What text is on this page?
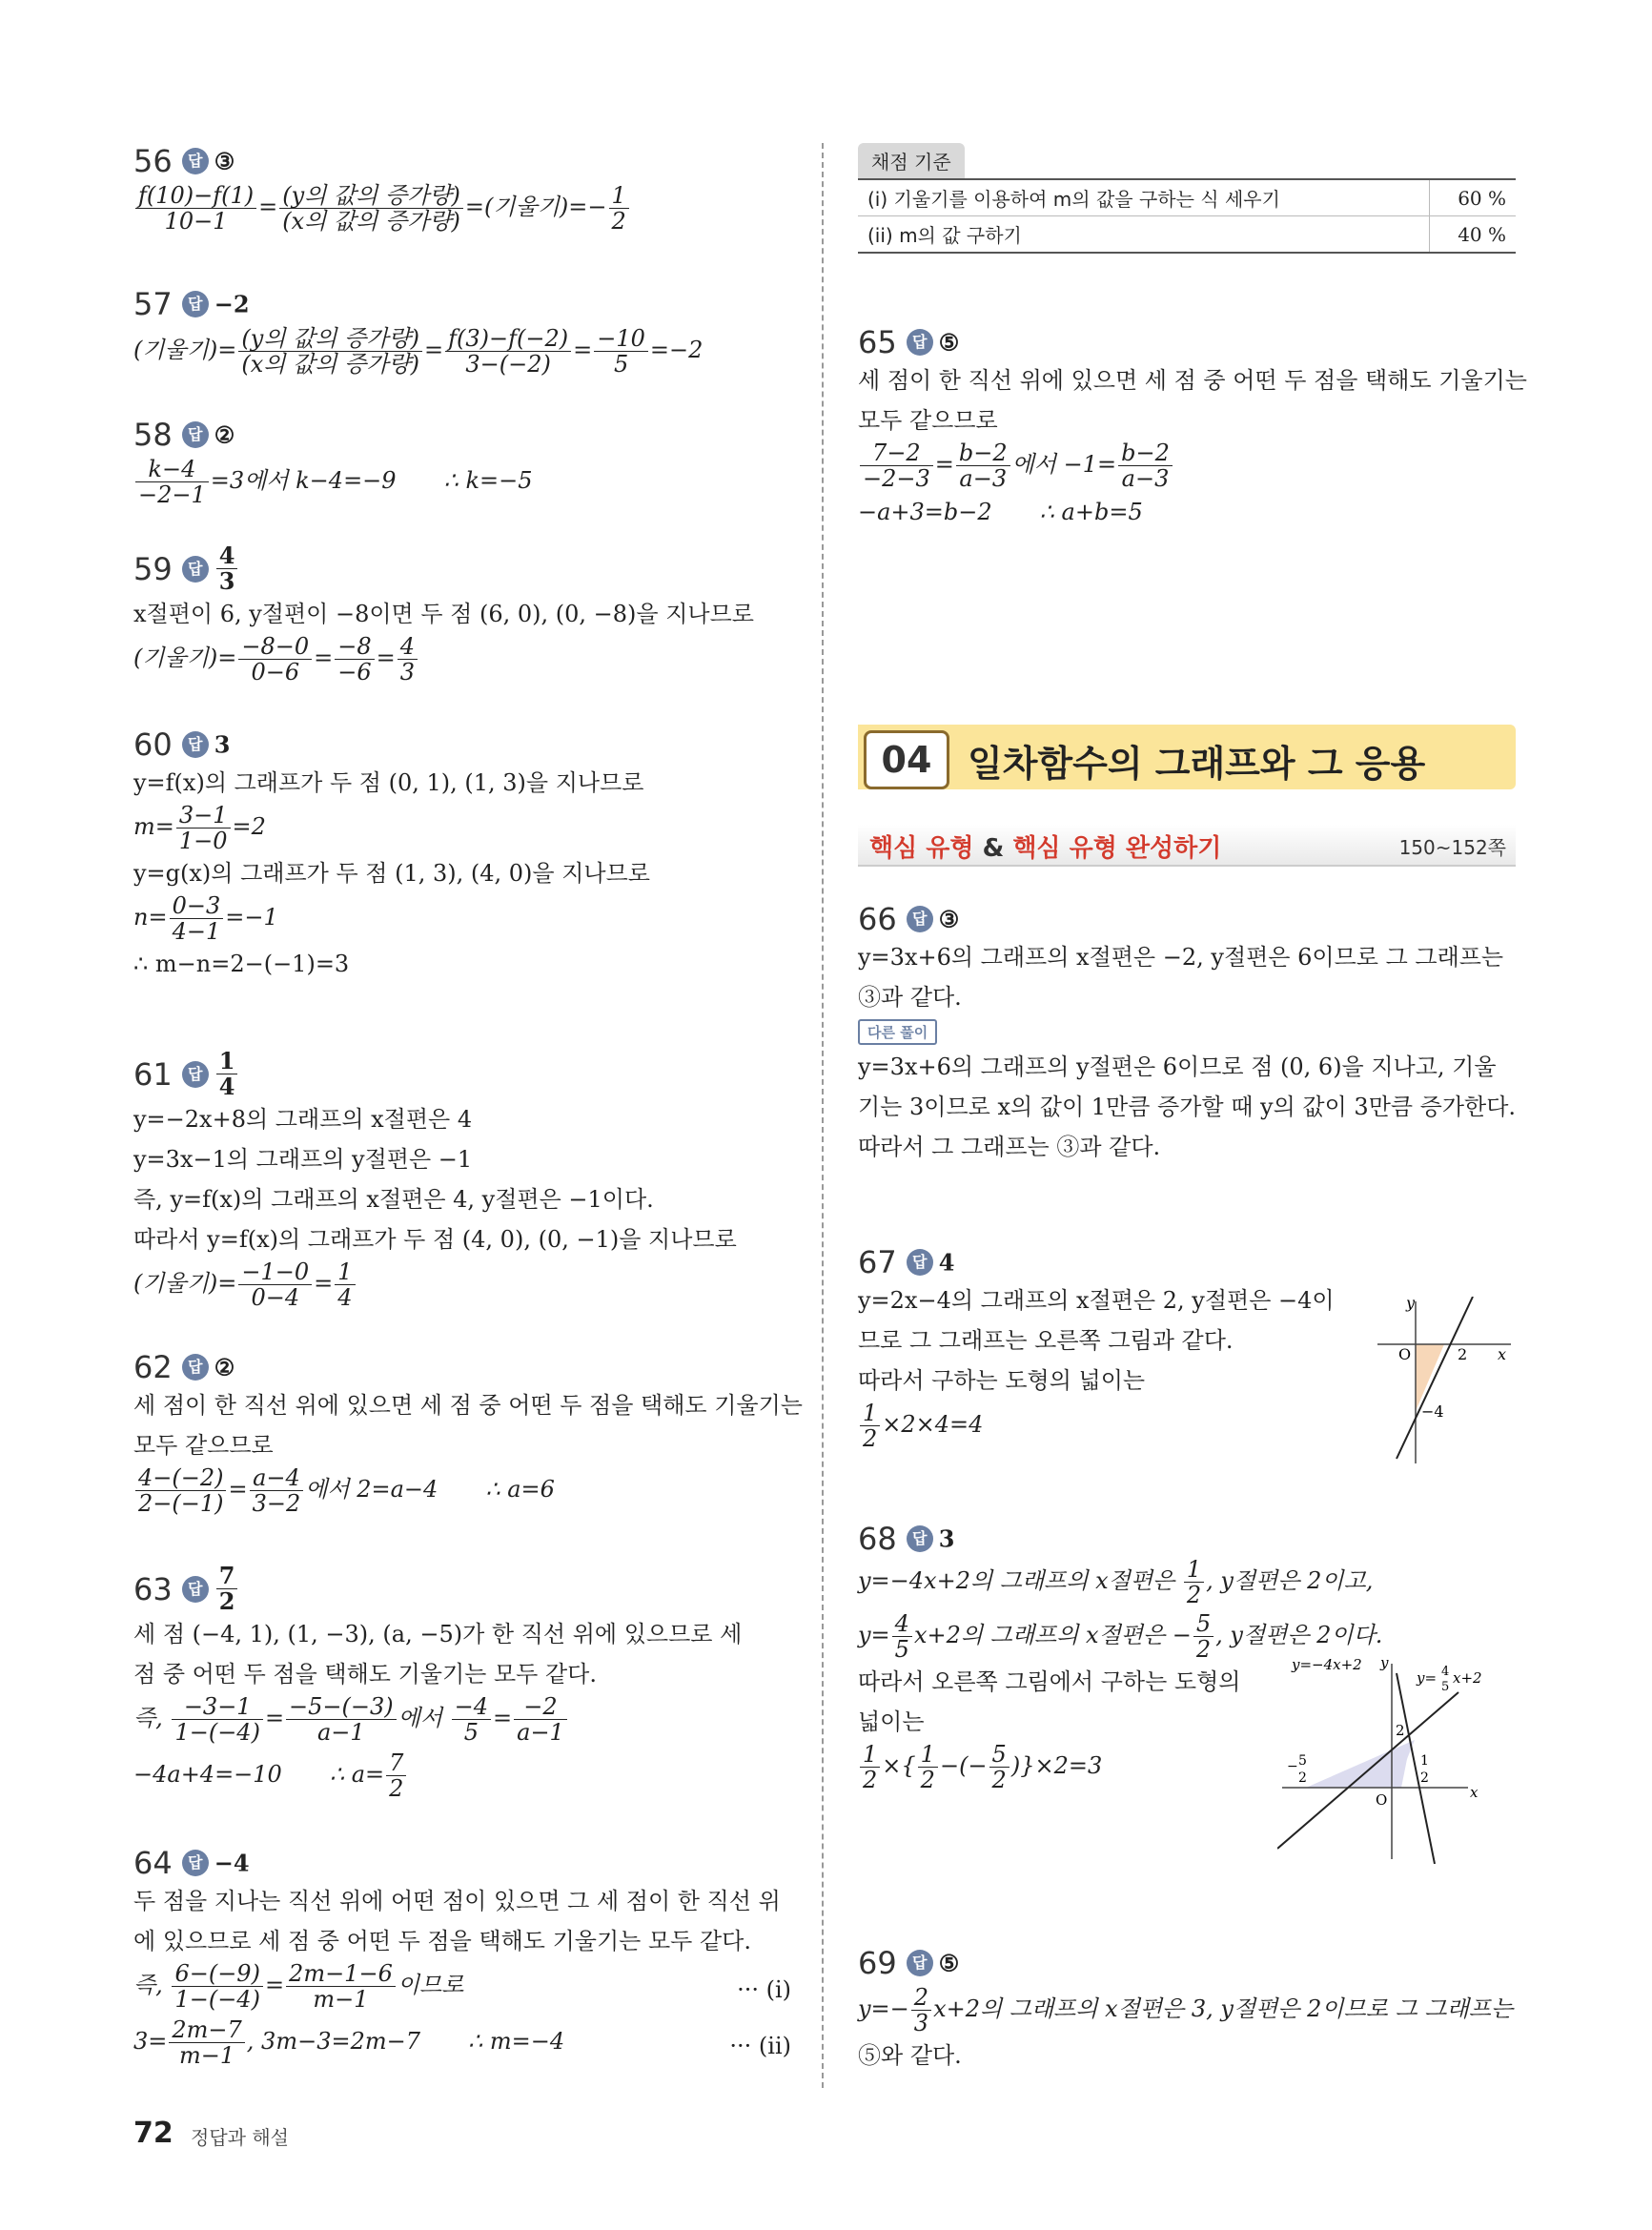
56 답 ③
$\frac{f(10)-f(1)}{10-1} = \frac{\text{(y의 값의 증가량)}}{\text{(x의 값의 증가량)}}$ =(기울기)=− $\frac{1}{2}$
57 답 −2
(기울기)= $\frac{\text{(y의 값의 증가량)}}{\text{(x의 값의 증가량)}} = \frac{f(3)-f(-2)}{3-(-2)} = \frac{-10}{5} =-2$
58 답 ②
$\frac{k-4}{-2-1} =3$에서 k−4=−9 ∴ k=−5
59 답 $\frac{4}{3}$
x절편이 6, y절편이 −8이면 두 점 (6, 0), (0, −8)을 지나므로
(기울기)= $\frac{-8-0}{0-6} = \frac{-8}{-6} = \frac{4}{3}$
60 답 3
y=f(x)의 그래프가 두 점 (0, 1), (1, 3)을 지나므로
$m= \frac{3-1}{1-0} =2$
y=g(x)의 그래프가 두 점 (1, 3), (4, 0)을 지나므로
$n= \frac{0-3}{4-1} =-1$
∴ m−n=2−(−1)=3
61 답 $\frac{1}{4}$
y=−2x+8의 그래프의 x절편은 4
y=3x−1의 그래프의 y절편은 −1
즉, y=f(x)의 그래프의 x절편은 4, y절편은 −1이다.
따라서 y=f(x)의 그래프가 두 점 (4, 0), (0, −1)을 지나므로
(기울기)= $\frac{-1-0}{0-4} = \frac{1}{4}$
62 답 ②
세 점이 한 직선 위에 있으면 세 점 중 어떤 두 점을 택해도 기울기는
모두 같으므로
$\frac{4-(-2)}{2-(-1)} = \frac{a-4}{3-2}$ 에서 2=a−4 ∴ a=6
63 답 $\frac{7}{2}$
세 점 (−4, 1), (1, −3), (a, −5)가 한 직선 위에 있으므로 세
점 중 어떤 두 점을 택해도 기울기는 모두 같다.
즉, $\frac{-3-1}{1-(-4)} = \frac{-5-(-3)}{a-1}$ 에서 $\frac{-4}{5} = \frac{-2}{a-1}$
−4a+4=−10 ∴ $a= \frac{7}{2}$
64 답 −4
두 점을 지나는 직선 위에 어떤 점이 있으면 그 세 점이 한 직선 위
에 있으므로 세 점 중 어떤 두 점을 택해도 기울기는 모두 같다.
즉, $\frac{6-(-9)}{1-(-4)} = \frac{2m-1-6}{m-1}$ 이므로	··· (i)
$3= \frac{2m-7}{m-1}$ , 3m−3=2m−7 ∴ m=−4	··· (ii)
채점 기준
(i) 기울기를 이용하여 m의 값을 구하는 식 세우기	60 %
(ii) m의 값 구하기	40 %
65 답 ⑤
세 점이 한 직선 위에 있으면 세 점 중 어떤 두 점을 택해도 기울기는
모두 같으므로
$\frac{7-2}{-2-3} = \frac{b-2}{a-3}$ 에서 $-1= \frac{b-2}{a-3}$
−a+3=b−2 ∴ a+b=5
04 일차함수의 그래프와 그 응용
핵심 유형 & 핵심 유형 완성하기	150~152쪽
66 답 ③
y=3x+6의 그래프의 x절편은 −2, y절편은 6이므로 그 그래프는
③과 같다.
다른 풀이
y=3x+6의 그래프의 y절편은 6이므로 점 (0, 6)을 지나고, 기울
기는 3이므로 x의 값이 1만큼 증가할 때 y의 값이 3만큼 증가한다.
따라서 그 그래프는 ③과 같다.
67 답 4
y=2x−4의 그래프의 x절편은 2, y절편은 −4이
므로 그 그래프는 오른쪽 그림과 같다.
따라서 구하는 도형의 넓이는
$\frac{1}{2} \times 2\times 4=4$
y
x
O	2
−4
68 답 3
y=−4x+2의 그래프의 x절편은 $\frac{1}{2}$ , y절편은 2이고,
$y= \frac{4}{5} x+2$의 그래프의 x절편은 − $\frac{5}{2}$ , y절편은 2이다.
따라서 오른쪽 그림에서 구하는 도형의
넓이는
$\frac{1}{2}$ ×{ $\frac{1}{2}$ −(− $\frac{5}{2} )\}\times 2=3$
y=−4x+2
y= 4
5
x+2
y
x
O
2
− 5
2
1
2
69 답 ⑤
$y=- \frac{2}{3} x+2$의 그래프의 x절편은 3, y절편은 2이므로 그 그래프는
⑤와 같다.
72 정답과 해설
